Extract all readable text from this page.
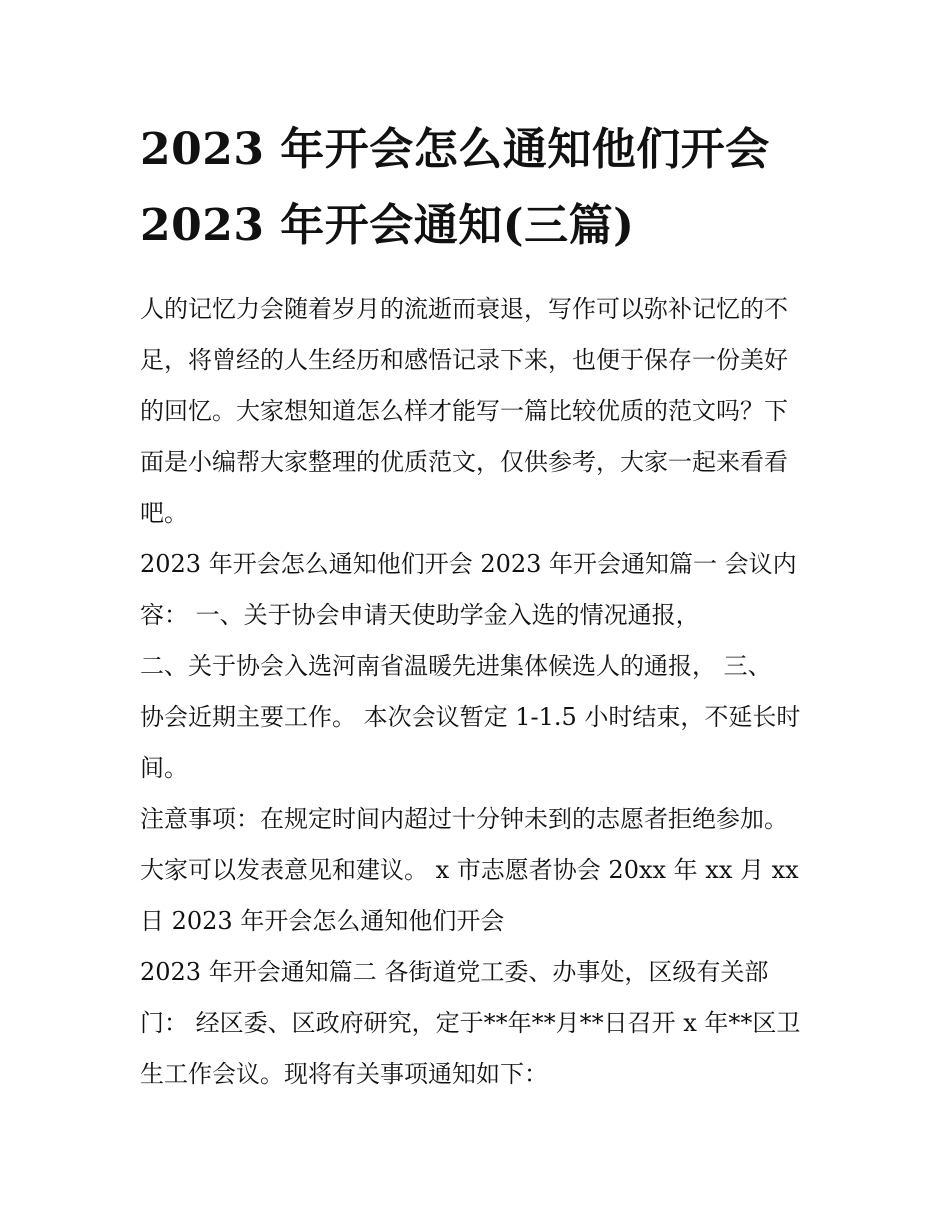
2023 年开会怎么通知他们开会
2023 年开会通知(三篇)
人的记忆力会随着岁月的流逝而衰退，写作可以弥补记忆的不
足，将曾经的人生经历和感悟记录下来，也便于保存一份美好
的回忆。大家想知道怎么样才能写一篇比较优质的范文吗？下
面是小编帮大家整理的优质范文，仅供参考，大家一起来看看
吧。
2023 年开会怎么通知他们开会 2023 年开会通知篇一 会议内
容： 一、关于协会申请天使助学金入选的情况通报，
二、关于协会入选河南省温暖先进集体候选人的通报， 三、
协会近期主要工作。 本次会议暂定 1-1.5 小时结束，不延长时
间。
注意事项：在规定时间内超过十分钟未到的志愿者拒绝参加。
大家可以发表意见和建议。 x 市志愿者协会 20xx 年 xx 月 xx
日 2023 年开会怎么通知他们开会
2023 年开会通知篇二 各街道党工委、办事处，区级有关部
门： 经区委、区政府研究，定于**年**月**日召开 x 年**区卫
生工作会议。现将有关事项通知如下：
